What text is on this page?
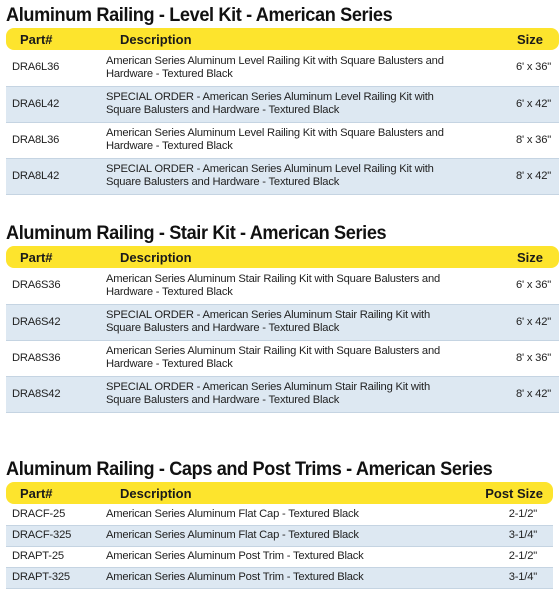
Aluminum Railing - Level Kit - American Series
Part#	Description	Size
DRA6L36	American Series Aluminum Level Railing Kit with Square Balusters and Hardware - Textured Black	6' x 36"
DRA6L42	SPECIAL ORDER - American Series Aluminum Level Railing Kit with Square Balusters and Hardware - Textured Black	6' x 42"
DRA8L36	American Series Aluminum Level Railing Kit with Square Balusters and Hardware - Textured Black	8' x 36"
DRA8L42	SPECIAL ORDER - American Series Aluminum Level Railing Kit with Square Balusters and Hardware - Textured Black	8' x 42"
Aluminum Railing - Stair Kit - American Series
Part#	Description	Size
DRA6S36	American Series Aluminum Stair Railing Kit with Square Balusters and Hardware - Textured Black	6' x 36"
DRA6S42	SPECIAL ORDER - American Series Aluminum Stair Railing Kit with Square Balusters and Hardware - Textured Black	6' x 42"
DRA8S36	American Series Aluminum Stair Railing Kit with Square Balusters and Hardware - Textured Black	8' x 36"
DRA8S42	SPECIAL ORDER - American Series Aluminum Stair Railing Kit with Square Balusters and Hardware - Textured Black	8' x 42"
Aluminum Railing - Caps and Post Trims - American Series
Part#	Description	Post Size
DRACF-25	American Series Aluminum Flat Cap - Textured Black	2-1/2"
DRACF-325	American Series Aluminum Flat Cap - Textured Black	3-1/4"
DRAPT-25	American Series Aluminum Post Trim - Textured Black	2-1/2"
DRAPT-325	American Series Aluminum Post Trim - Textured Black	3-1/4"
